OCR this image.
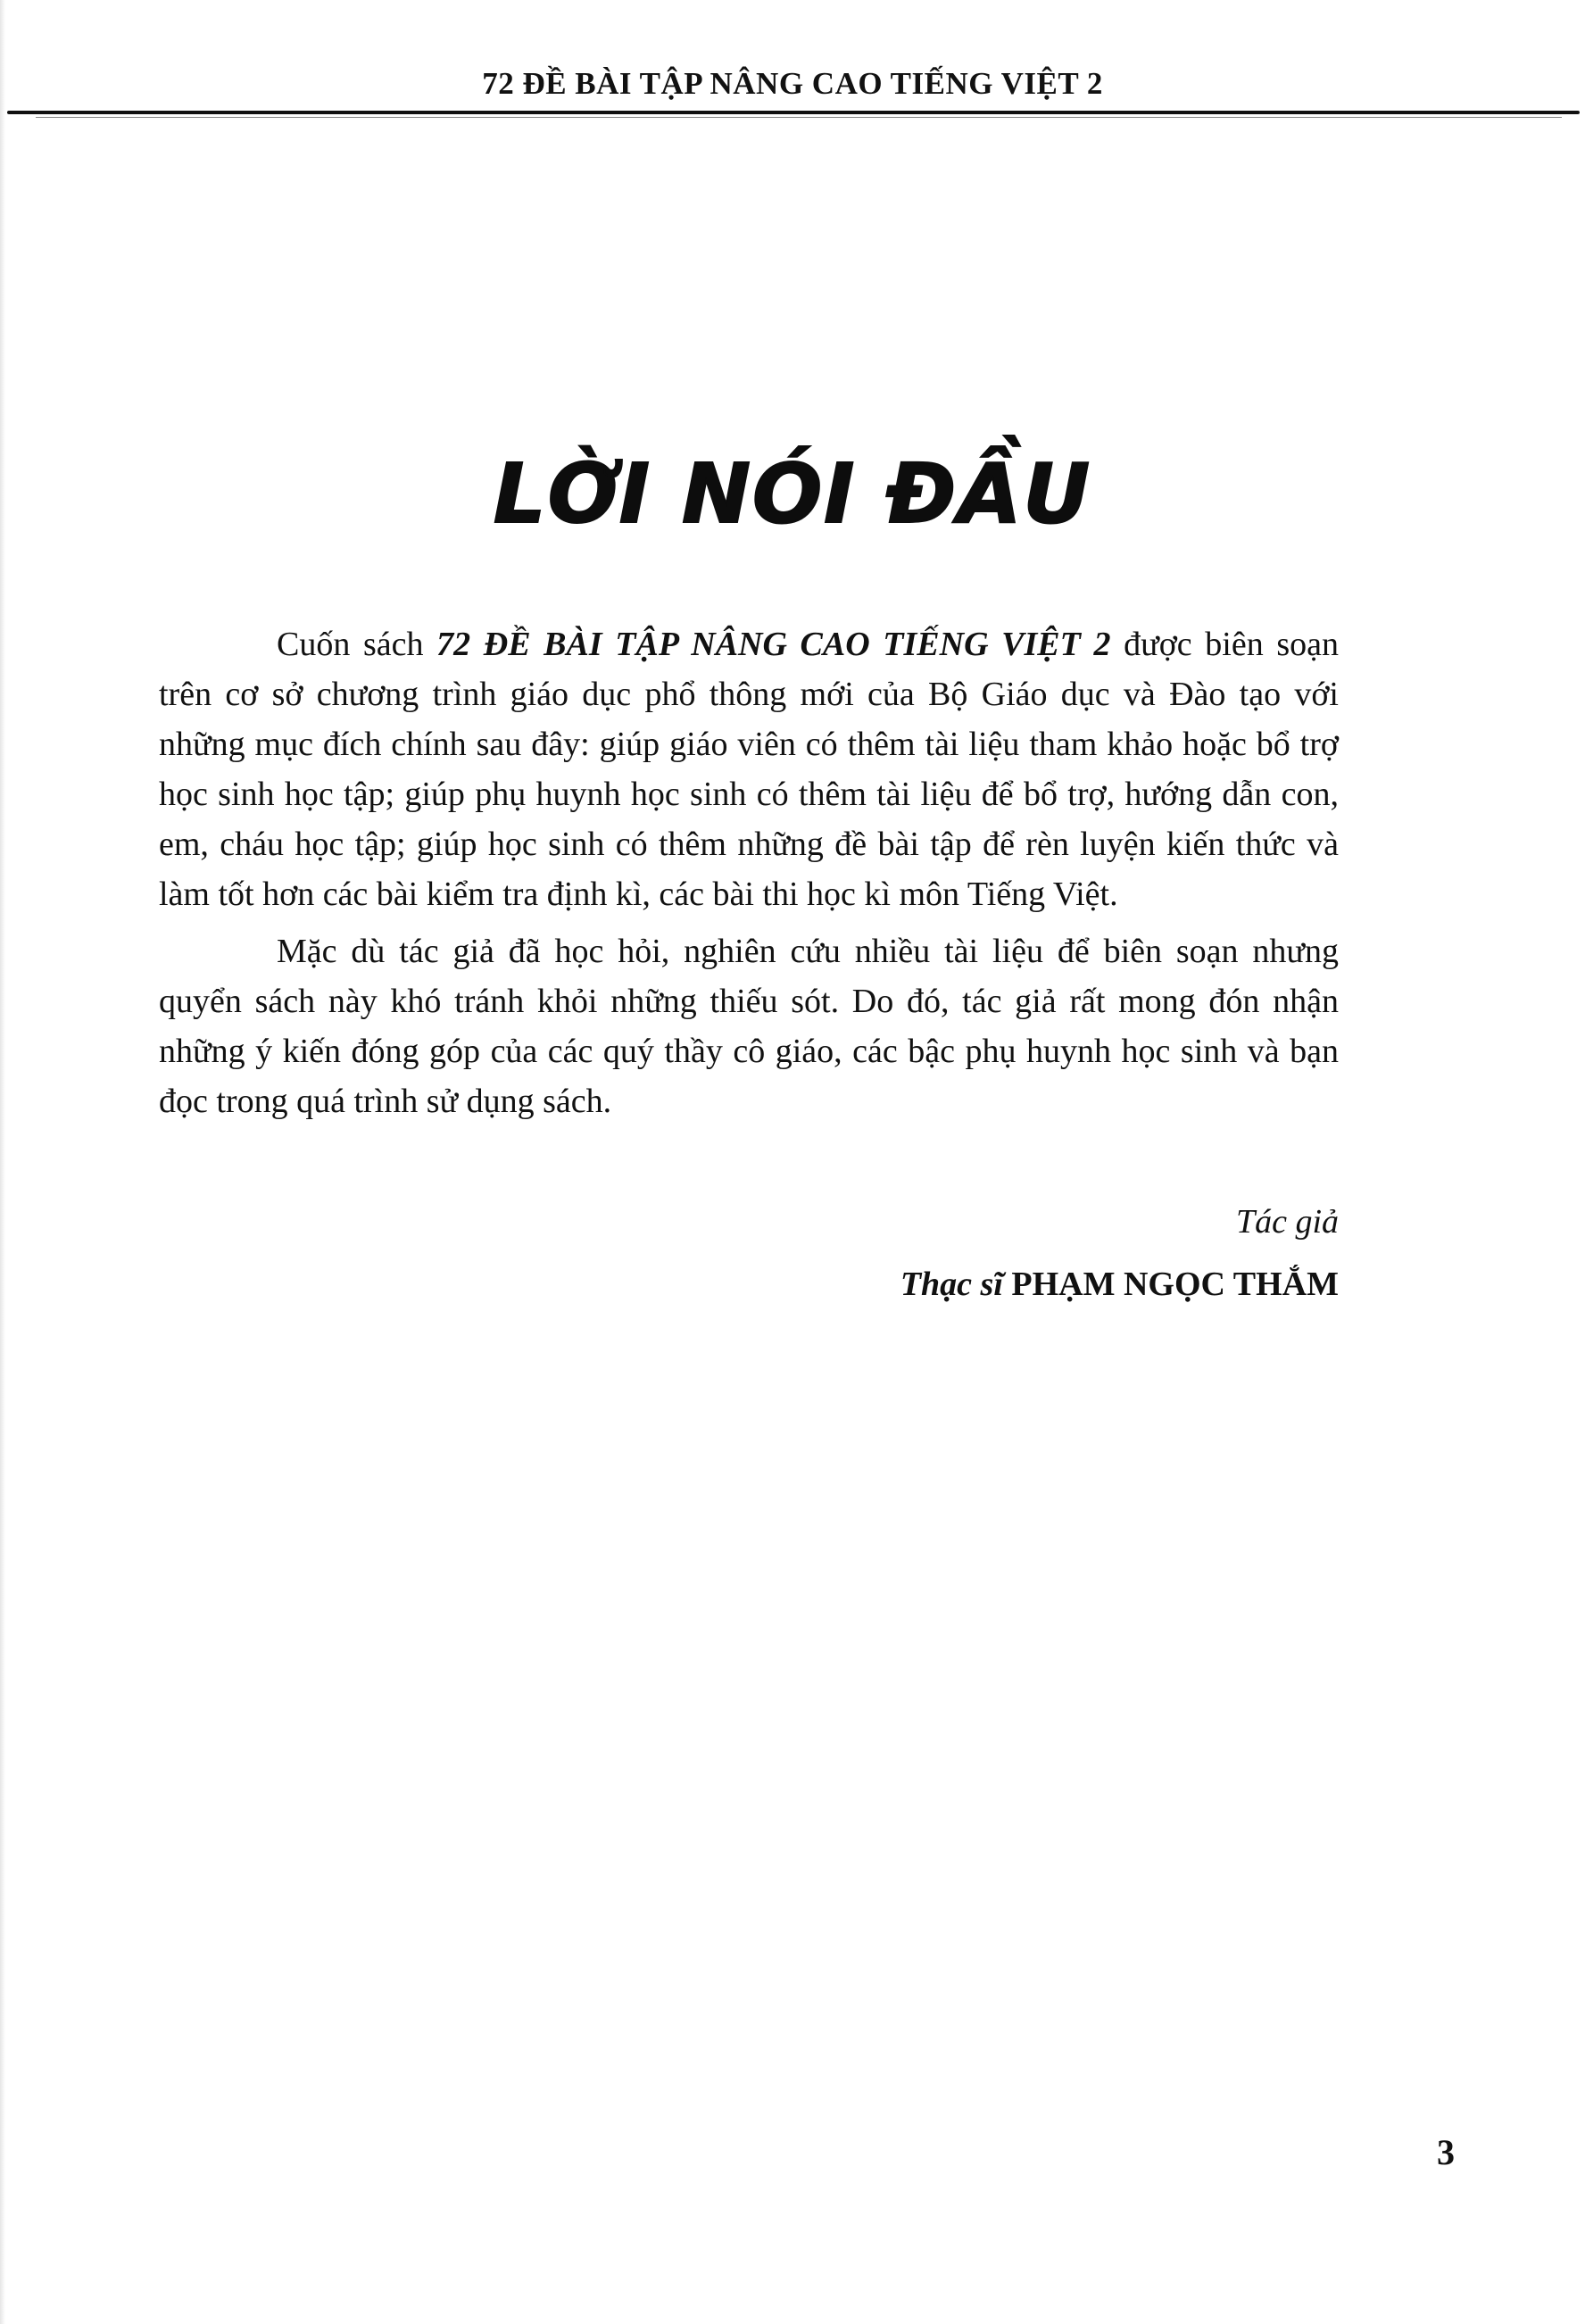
72 ĐỀ BÀI TẬP NÂNG CAO TIẾNG VIỆT 2
LỜI NÓI ĐẦU

Cuốn sách 72 ĐỀ BÀI TẬP NÂNG CAO TIẾNG VIỆT 2 được biên soạn trên cơ sở chương trình giáo dục phổ thông mới của Bộ Giáo dục và Đào tạo với những mục đích chính sau đây: giúp giáo viên có thêm tài liệu tham khảo hoặc bổ trợ học sinh học tập; giúp phụ huynh học sinh có thêm tài liệu để bổ trợ, hướng dẫn con, em, cháu học tập; giúp học sinh có thêm những đề bài tập để rèn luyện kiến thức và làm tốt hơn các bài kiểm tra định kì, các bài thi học kì môn Tiếng Việt.

Mặc dù tác giả đã học hỏi, nghiên cứu nhiều tài liệu để biên soạn nhưng quyển sách này khó tránh khỏi những thiếu sót. Do đó, tác giả rất mong đón nhận những ý kiến đóng góp của các quý thầy cô giáo, các bậc phụ huynh học sinh và bạn đọc trong quá trình sử dụng sách.

Tác giả
Thạc sĩ PHẠM NGỌC THẮM
3
